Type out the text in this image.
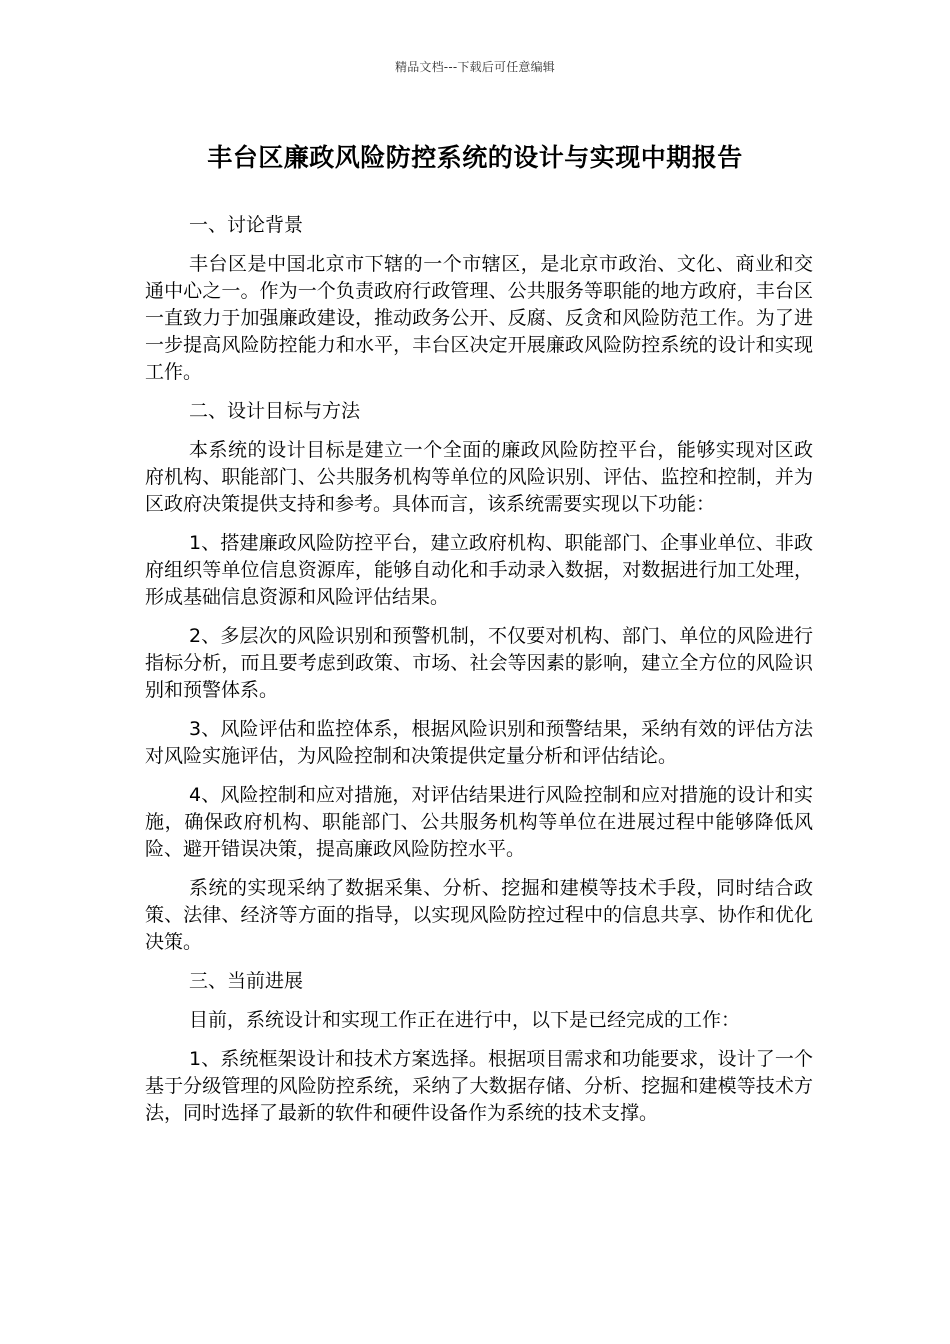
精品文档---下载后可任意编辑
丰台区廉政风险防控系统的设计与实现中期报告

一、讨论背景

丰台区是中国北京市下辖的一个市辖区，是北京市政治、文化、商业和交通中心之一。作为一个负责政府行政管理、公共服务等职能的地方政府，丰台区一直致力于加强廉政建设，推动政务公开、反腐、反贪和风险防范工作。为了进一步提高风险防控能力和水平，丰台区决定开展廉政风险防控系统的设计和实现工作。

二、设计目标与方法

本系统的设计目标是建立一个全面的廉政风险防控平台，能够实现对区政府机构、职能部门、公共服务机构等单位的风险识别、评估、监控和控制，并为区政府决策提供支持和参考。具体而言，该系统需要实现以下功能：

1、搭建廉政风险防控平台，建立政府机构、职能部门、企事业单位、非政府组织等单位信息资源库，能够自动化和手动录入数据，对数据进行加工处理，形成基础信息资源和风险评估结果。

2、多层次的风险识别和预警机制，不仅要对机构、部门、单位的风险进行指标分析，而且要考虑到政策、市场、社会等因素的影响，建立全方位的风险识别和预警体系。

3、风险评估和监控体系，根据风险识别和预警结果，采纳有效的评估方法对风险实施评估，为风险控制和决策提供定量分析和评估结论。

4、风险控制和应对措施，对评估结果进行风险控制和应对措施的设计和实施，确保政府机构、职能部门、公共服务机构等单位在进展过程中能够降低风险、避开错误决策，提高廉政风险防控水平。

系统的实现采纳了数据采集、分析、挖掘和建模等技术手段，同时结合政策、法律、经济等方面的指导，以实现风险防控过程中的信息共享、协作和优化决策。

三、当前进展

目前，系统设计和实现工作正在进行中，以下是已经完成的工作：

1、系统框架设计和技术方案选择。根据项目需求和功能要求，设计了一个基于分级管理的风险防控系统，采纳了大数据存储、分析、挖掘和建模等技术方法，同时选择了最新的软件和硬件设备作为系统的技术支撑。
